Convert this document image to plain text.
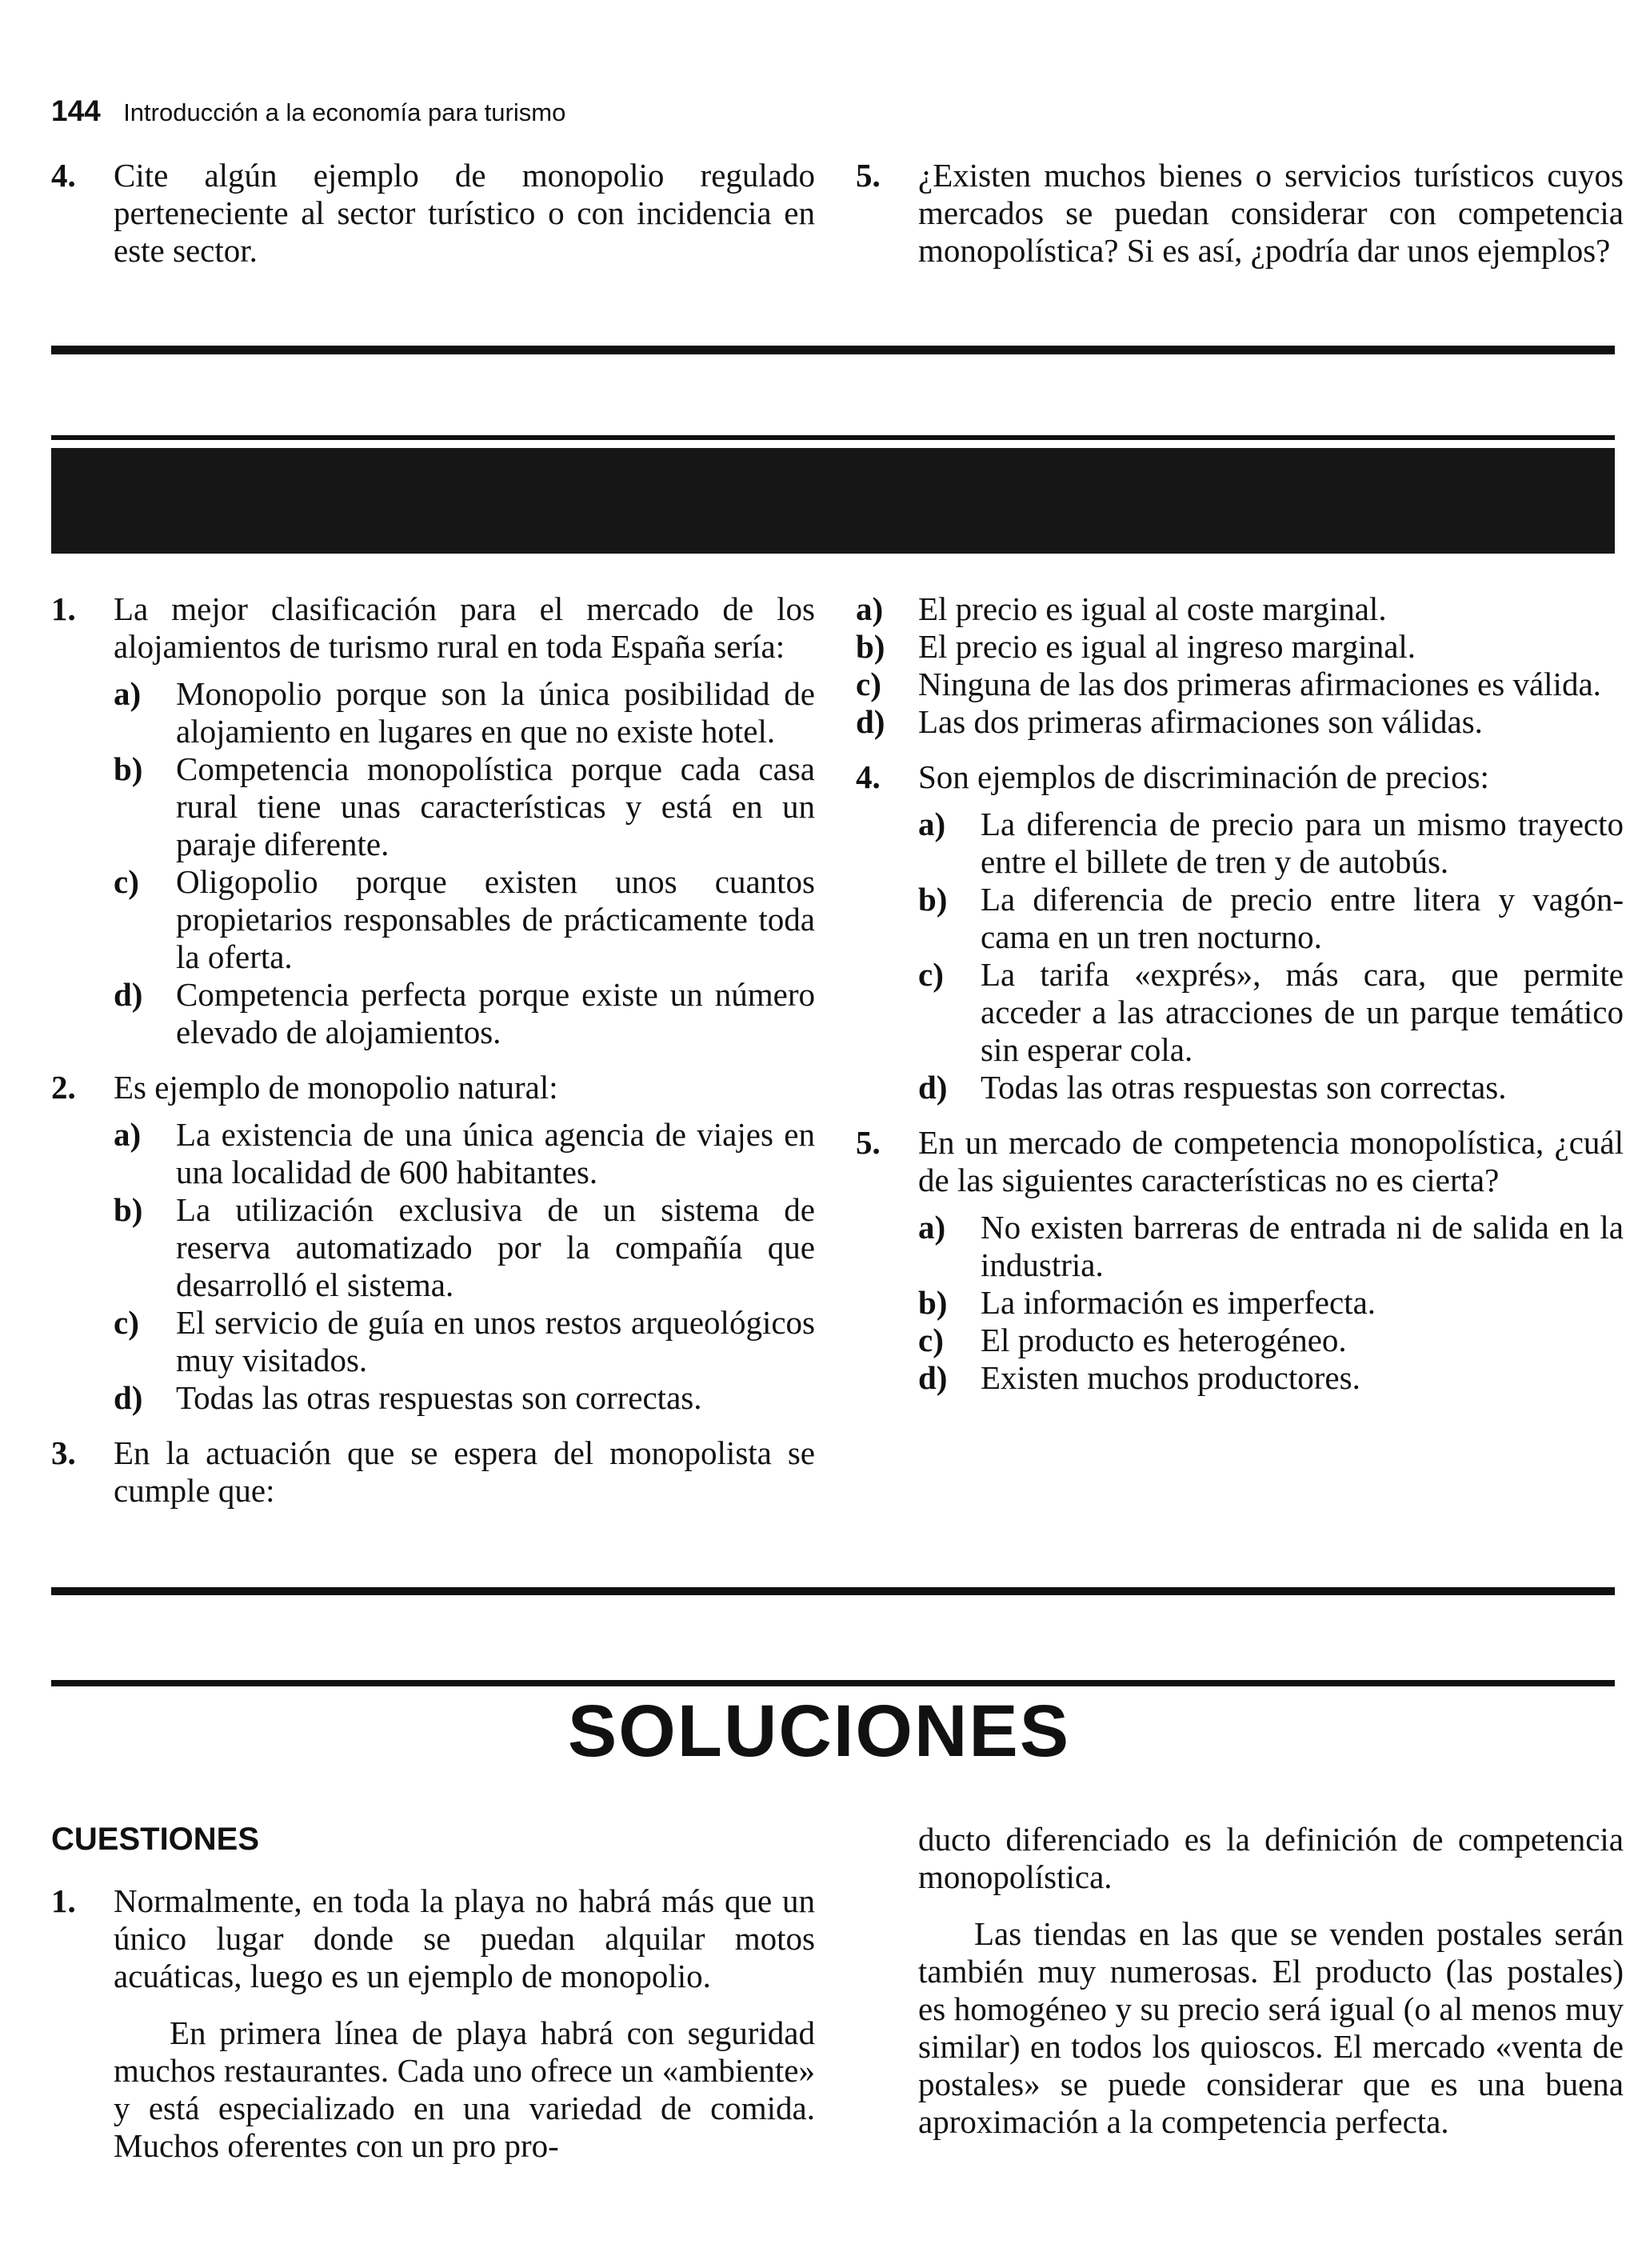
144 Introducción a la economía para turismo
4.	Cite algún ejemplo de monopolio regulado perteneciente al sector turístico o con incidencia en este sector.
5.	¿Existen muchos bienes o servicios turísticos cuyos mercados se puedan considerar con competencia monopolística? Si es así, ¿podría dar unos ejemplos?
1.	La mejor clasificación para el mercado de los alojamientos de turismo rural en toda España sería:
a)	Monopolio porque son la única posibilidad de alojamiento en lugares en que no existe hotel.
b)	Competencia monopolística porque cada casa rural tiene unas características y está en un paraje diferente.
c)	Oligopolio porque existen unos cuantos propietarios responsables de prácticamente toda la oferta.
d)	Competencia perfecta porque existe un número elevado de alojamientos.
2.	Es ejemplo de monopolio natural:
a)	La existencia de una única agencia de viajes en una localidad de 600 habitantes.
b)	La utilización exclusiva de un sistema de reserva automatizado por la compañía que desarrolló el sistema.
c)	El servicio de guía en unos restos arqueológicos muy visitados.
d)	Todas las otras respuestas son correctas.
3.	En la actuación que se espera del monopolista se cumple que:
a)	El precio es igual al coste marginal.
b)	El precio es igual al ingreso marginal.
c)	Ninguna de las dos primeras afirmaciones es válida.
d)	Las dos primeras afirmaciones son válidas.
4.	Son ejemplos de discriminación de precios:
a)	La diferencia de precio para un mismo trayecto entre el billete de tren y de autobús.
b)	La diferencia de precio entre litera y vagón-cama en un tren nocturno.
c)	La tarifa «exprés», más cara, que permite acceder a las atracciones de un parque temático sin esperar cola.
d)	Todas las otras respuestas son correctas.
5.	En un mercado de competencia monopolística, ¿cuál de las siguientes características no es cierta?
a)	No existen barreras de entrada ni de salida en la industria.
b)	La información es imperfecta.
c)	El producto es heterogéneo.
d)	Existen muchos productores.
SOLUCIONES
CUESTIONES
1.	Normalmente, en toda la playa no habrá más que un único lugar donde se puedan alquilar motos acuáticas, luego es un ejemplo de monopolio.
En primera línea de playa habrá con seguridad muchos restaurantes. Cada uno ofrece un «ambiente» y está especializado en una variedad de comida. Muchos oferentes con un pro pro-
ducto diferenciado es la definición de competencia monopolística.
Las tiendas en las que se venden postales serán también muy numerosas. El producto (las postales) es homogéneo y su precio será igual (o al menos muy similar) en todos los quioscos. El mercado «venta de postales» se puede considerar que es una buena aproximación a la competencia perfecta.
